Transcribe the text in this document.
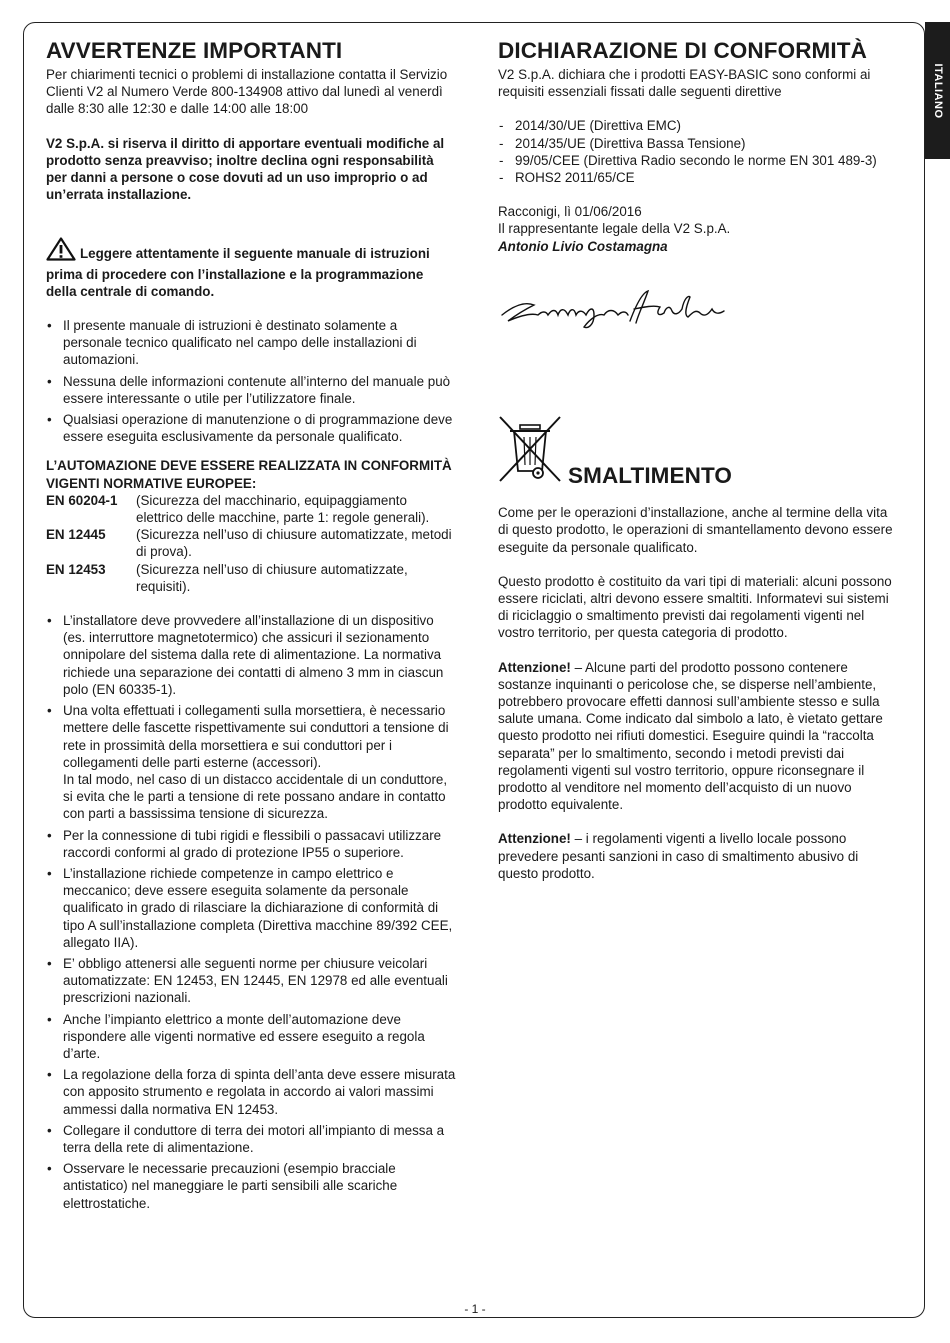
ITALIANO
AVVERTENZE IMPORTANTI

Per chiarimenti tecnici o problemi di installazione contatta il Servizio Clienti V2 al Numero Verde 800-134908 attivo dal lunedì al venerdì dalle 8:30 alle 12:30 e dalle 14:00 alle 18:00

V2 S.p.A. si riserva il diritto di apportare eventuali modifiche al prodotto senza preavviso; inoltre declina ogni responsabilità per danni a persone o cose dovuti ad un uso improprio o ad un’errata installazione.

Leggere attentamente il seguente manuale di istruzioni prima di procedere con l’installazione e la programmazione della centrale di comando.

• Il presente manuale di istruzioni è destinato solamente a personale tecnico qualificato nel campo delle installazioni di automazioni.
• Nessuna delle informazioni contenute all’interno del manuale può essere interessante o utile per l’utilizzatore finale.
• Qualsiasi operazione di manutenzione o di programmazione deve essere eseguita esclusivamente da personale qualificato.

L’AUTOMAZIONE DEVE ESSERE REALIZZATA IN CONFORMITÀ VIGENTI NORMATIVE EUROPEE:

EN 60204-1	(Sicurezza del macchinario, equipaggiamento elettrico delle macchine, parte 1: regole generali).
EN 12445	(Sicurezza nell’uso di chiusure automatizzate, metodi di prova).
EN 12453	(Sicurezza nell’uso di chiusure automatizzate, requisiti).
• L’installatore deve provvedere all’installazione di un dispositivo (es. interruttore magnetotermico) che assicuri il sezionamento onnipolare del sistema dalla rete di alimentazione. La normativa richiede una separazione dei contatti di almeno 3 mm in ciascun polo (EN 60335-1).
• Una volta effettuati i collegamenti sulla morsettiera, è necessario mettere delle fascette rispettivamente sui conduttori a tensione di rete in prossimità della morsettiera e sui conduttori per i collegamenti delle parti esterne (accessori).
In tal modo, nel caso di un distacco accidentale di un conduttore, si evita che le parti a tensione di rete possano andare in contatto con parti a bassissima tensione di sicurezza.
• Per la connessione di tubi rigidi e flessibili o passacavi utilizzare raccordi conformi al grado di protezione IP55 o superiore.
• L’installazione richiede competenze in campo elettrico e meccanico; deve essere eseguita solamente da personale qualificato in grado di rilasciare la dichiarazione di conformità di tipo A sull’installazione completa (Direttiva macchine 89/392 CEE, allegato IIA).
• E’ obbligo attenersi alle seguenti norme per chiusure veicolari automatizzate: EN 12453, EN 12445, EN 12978 ed alle eventuali prescrizioni nazionali.
• Anche l’impianto elettrico a monte dell’automazione deve rispondere alle vigenti normative ed essere eseguito a regola d’arte.
• La regolazione della forza di spinta dell’anta deve essere misurata con apposito strumento e regolata in accordo ai valori massimi ammessi dalla normativa EN 12453.
• Collegare il conduttore di terra dei motori all’impianto di messa a terra della rete di alimentazione.
• Osservare le necessarie precauzioni (esempio bracciale antistatico) nel maneggiare le parti sensibili alle scariche elettrostatiche.
DICHIARAZIONE DI CONFORMITÀ

V2 S.p.A. dichiara che i prodotti EASY-BASIC sono conformi ai requisiti essenziali fissati dalle seguenti direttive

- 2014/30/UE (Direttiva EMC)
- 2014/35/UE (Direttiva Bassa Tensione)
- 99/05/CEE (Direttiva Radio secondo le norme EN 301 489-3)
- ROHS2 2011/65/CE

Racconigi, lì 01/06/2016

Il rappresentante legale della V2 S.p.A.

Antonio Livio Costamagna

SMALTIMENTO

Come per le operazioni d’installazione, anche al termine della vita di questo prodotto, le operazioni di smantellamento devono essere eseguite da personale qualificato.

Questo prodotto è costituito da vari tipi di materiali: alcuni possono essere riciclati, altri devono essere smaltiti. Informatevi sui sistemi di riciclaggio o smaltimento previsti dai regolamenti vigenti nel vostro territorio, per questa categoria di prodotto.

Attenzione! – Alcune parti del prodotto possono contenere sostanze inquinanti o pericolose che, se disperse nell’ambiente, potrebbero provocare effetti dannosi sull’ambiente stesso e sulla salute umana. Come indicato dal simbolo a lato, è vietato gettare questo prodotto nei rifiuti domestici. Eseguire quindi la “raccolta separata” per lo smaltimento, secondo i metodi previsti dai regolamenti vigenti sul vostro territorio, oppure riconsegnare il prodotto al venditore nel momento dell’acquisto di un nuovo prodotto equivalente.

Attenzione! – i regolamenti vigenti a livello locale possono prevedere pesanti sanzioni in caso di smaltimento abusivo di questo prodotto.

- 1 -
